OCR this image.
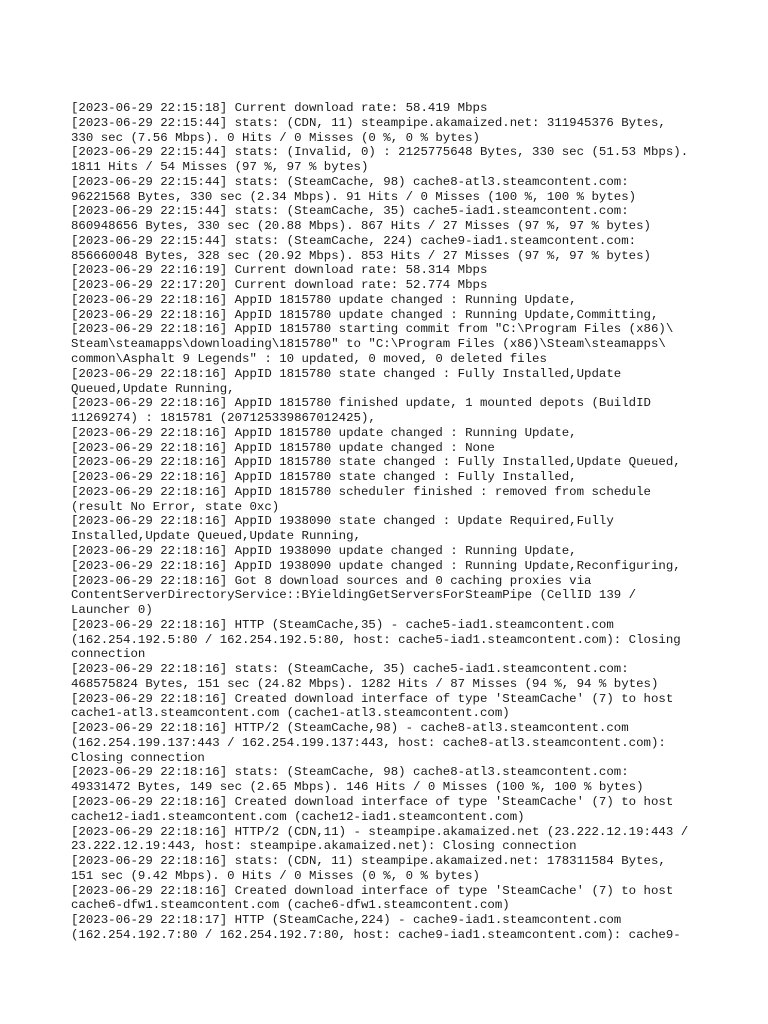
[2023-06-29 22:15:18] Current download rate: 58.419 Mbps
[2023-06-29 22:15:44] stats: (CDN, 11) steampipe.akamaized.net: 311945376 Bytes,
330 sec (7.56 Mbps). 0 Hits / 0 Misses (0 %, 0 % bytes)
[2023-06-29 22:15:44] stats: (Invalid, 0) : 2125775648 Bytes, 330 sec (51.53 Mbps).
1811 Hits / 54 Misses (97 %, 97 % bytes)
[2023-06-29 22:15:44] stats: (SteamCache, 98) cache8-atl3.steamcontent.com:
96221568 Bytes, 330 sec (2.34 Mbps). 91 Hits / 0 Misses (100 %, 100 % bytes)
[2023-06-29 22:15:44] stats: (SteamCache, 35) cache5-iad1.steamcontent.com:
860948656 Bytes, 330 sec (20.88 Mbps). 867 Hits / 27 Misses (97 %, 97 % bytes)
[2023-06-29 22:15:44] stats: (SteamCache, 224) cache9-iad1.steamcontent.com:
856660048 Bytes, 328 sec (20.92 Mbps). 853 Hits / 27 Misses (97 %, 97 % bytes)
[2023-06-29 22:16:19] Current download rate: 58.314 Mbps
[2023-06-29 22:17:20] Current download rate: 52.774 Mbps
[2023-06-29 22:18:16] AppID 1815780 update changed : Running Update,
[2023-06-29 22:18:16] AppID 1815780 update changed : Running Update,Committing,
[2023-06-29 22:18:16] AppID 1815780 starting commit from "C:\Program Files (x86)\
Steam\steamapps\downloading\1815780" to "C:\Program Files (x86)\Steam\steamapps\
common\Asphalt 9 Legends" : 10 updated, 0 moved, 0 deleted files
[2023-06-29 22:18:16] AppID 1815780 state changed : Fully Installed,Update
Queued,Update Running,
[2023-06-29 22:18:16] AppID 1815780 finished update, 1 mounted depots (BuildID
11269274) : 1815781 (207125339867012425),
[2023-06-29 22:18:16] AppID 1815780 update changed : Running Update,
[2023-06-29 22:18:16] AppID 1815780 update changed : None
[2023-06-29 22:18:16] AppID 1815780 state changed : Fully Installed,Update Queued,
[2023-06-29 22:18:16] AppID 1815780 state changed : Fully Installed,
[2023-06-29 22:18:16] AppID 1815780 scheduler finished : removed from schedule
(result No Error, state 0xc)
[2023-06-29 22:18:16] AppID 1938090 state changed : Update Required,Fully
Installed,Update Queued,Update Running,
[2023-06-29 22:18:16] AppID 1938090 update changed : Running Update,
[2023-06-29 22:18:16] AppID 1938090 update changed : Running Update,Reconfiguring,
[2023-06-29 22:18:16] Got 8 download sources and 0 caching proxies via
ContentServerDirectoryService::BYieldingGetServersForSteamPipe (CellID 139 /
Launcher 0)
[2023-06-29 22:18:16] HTTP (SteamCache,35) - cache5-iad1.steamcontent.com
(162.254.192.5:80 / 162.254.192.5:80, host: cache5-iad1.steamcontent.com): Closing
connection
[2023-06-29 22:18:16] stats: (SteamCache, 35) cache5-iad1.steamcontent.com:
468575824 Bytes, 151 sec (24.82 Mbps). 1282 Hits / 87 Misses (94 %, 94 % bytes)
[2023-06-29 22:18:16] Created download interface of type 'SteamCache' (7) to host
cache1-atl3.steamcontent.com (cache1-atl3.steamcontent.com)
[2023-06-29 22:18:16] HTTP/2 (SteamCache,98) - cache8-atl3.steamcontent.com
(162.254.199.137:443 / 162.254.199.137:443, host: cache8-atl3.steamcontent.com):
Closing connection
[2023-06-29 22:18:16] stats: (SteamCache, 98) cache8-atl3.steamcontent.com:
49331472 Bytes, 149 sec (2.65 Mbps). 146 Hits / 0 Misses (100 %, 100 % bytes)
[2023-06-29 22:18:16] Created download interface of type 'SteamCache' (7) to host
cache12-iad1.steamcontent.com (cache12-iad1.steamcontent.com)
[2023-06-29 22:18:16] HTTP/2 (CDN,11) - steampipe.akamaized.net (23.222.12.19:443 /
23.222.12.19:443, host: steampipe.akamaized.net): Closing connection
[2023-06-29 22:18:16] stats: (CDN, 11) steampipe.akamaized.net: 178311584 Bytes,
151 sec (9.42 Mbps). 0 Hits / 0 Misses (0 %, 0 % bytes)
[2023-06-29 22:18:16] Created download interface of type 'SteamCache' (7) to host
cache6-dfw1.steamcontent.com (cache6-dfw1.steamcontent.com)
[2023-06-29 22:18:17] HTTP (SteamCache,224) - cache9-iad1.steamcontent.com
(162.254.192.7:80 / 162.254.192.7:80, host: cache9-iad1.steamcontent.com): cache9-
